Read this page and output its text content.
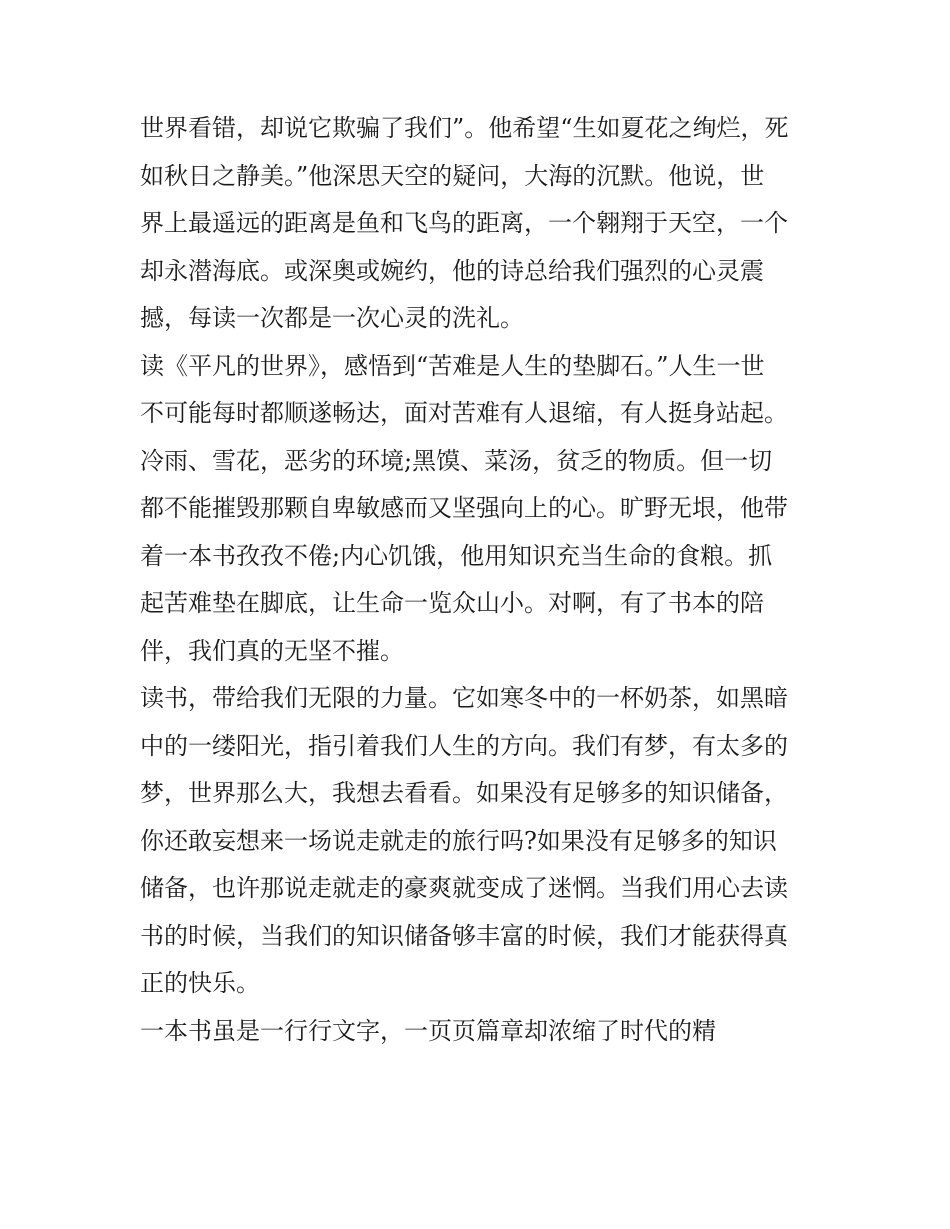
世界看错，却说它欺骗了我们”。他希望“生如夏花之绚烂，死
如秋日之静美。”他深思天空的疑问，大海的沉默。他说，世
界上最遥远的距离是鱼和飞鸟的距离，一个翱翔于天空，一个
却永潜海底。或深奥或婉约，他的诗总给我们强烈的心灵震
撼，每读一次都是一次心灵的洗礼。
读《平凡的世界》，感悟到“苦难是人生的垫脚石。”人生一世
不可能每时都顺遂畅达，面对苦难有人退缩，有人挺身站起。
冷雨、雪花，恶劣的环境;黑馍、菜汤，贫乏的物质。但一切
都不能摧毁那颗自卑敏感而又坚强向上的心。旷野无垠，他带
着一本书孜孜不倦;内心饥饿，他用知识充当生命的食粮。抓
起苦难垫在脚底，让生命一览众山小。对啊，有了书本的陪
伴，我们真的无坚不摧。
读书，带给我们无限的力量。它如寒冬中的一杯奶茶，如黑暗
中的一缕阳光，指引着我们人生的方向。我们有梦，有太多的
梦，世界那么大，我想去看看。如果没有足够多的知识储备，
你还敢妄想来一场说走就走的旅行吗?如果没有足够多的知识
储备，也许那说走就走的豪爽就变成了迷惘。当我们用心去读
书的时候，当我们的知识储备够丰富的时候，我们才能获得真
正的快乐。
一本书虽是一行行文字，一页页篇章却浓缩了时代的精
